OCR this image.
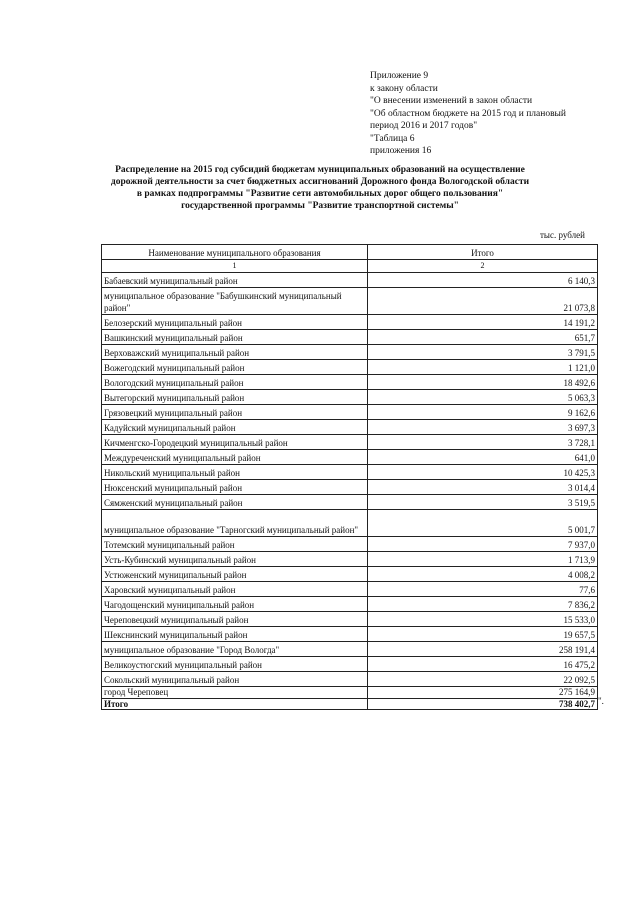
Приложение 9
к закону области
"О внесении изменений в закон области
"Об областном бюджете на 2015 год и плановый
период 2016 и 2017 годов"
"Таблица 6
приложения 16
Распределение на 2015 год субсидий бюджетам муниципальных образований на осуществление дорожной деятельности за счет бюджетных ассигнований Дорожного фонда Вологодской области в рамках подпрограммы "Развитие сети автомобильных дорог общего пользования" государственной программы "Развитие транспортной системы"
тыс. рублей
Наименование муниципального образования	Итого
1	2
Бабаевский муниципальный район	6 140,3
муниципальное образование "Бабушкинский муниципальный район"	21 073,8
Белозерский муниципальный район	14 191,2
Вашкинский муниципальный район	651,7
Верховажский муниципальный район	3 791,5
Вожегодский муниципальный район	1 121,0
Вологодский муниципальный район	18 492,6
Вытегорский муниципальный район	5 063,3
Грязовецкий муниципальный район	9 162,6
Кадуйский муниципальный район	3 697,3
Кичменгско-Городецкий муниципальный район	3 728,1
Междуреченский муниципальный район	641,0
Никольский муниципальный район	10 425,3
Нюксенский муниципальный район	3 014,4
Сямженский муниципальный район	3 519,5
муниципальное образование "Тарногский муниципальный район"	5 001,7
Тотемский муниципальный район	7 937,0
Усть-Кубинский муниципальный район	1 713,9
Устюженский муниципальный район	4 008,2
Харовский муниципальный район	77,6
Чагодощенский муниципальный район	7 836,2
Череповецкий муниципальный район	15 533,0
Шекснинский муниципальный район	19 657,5
муниципальное образование "Город Вологда"	258 191,4
Великоустюгский муниципальный район	16 475,2
Сокольский муниципальный район	22 092,5
город Череповец	275 164,9
Итого	738 402,7 ".
